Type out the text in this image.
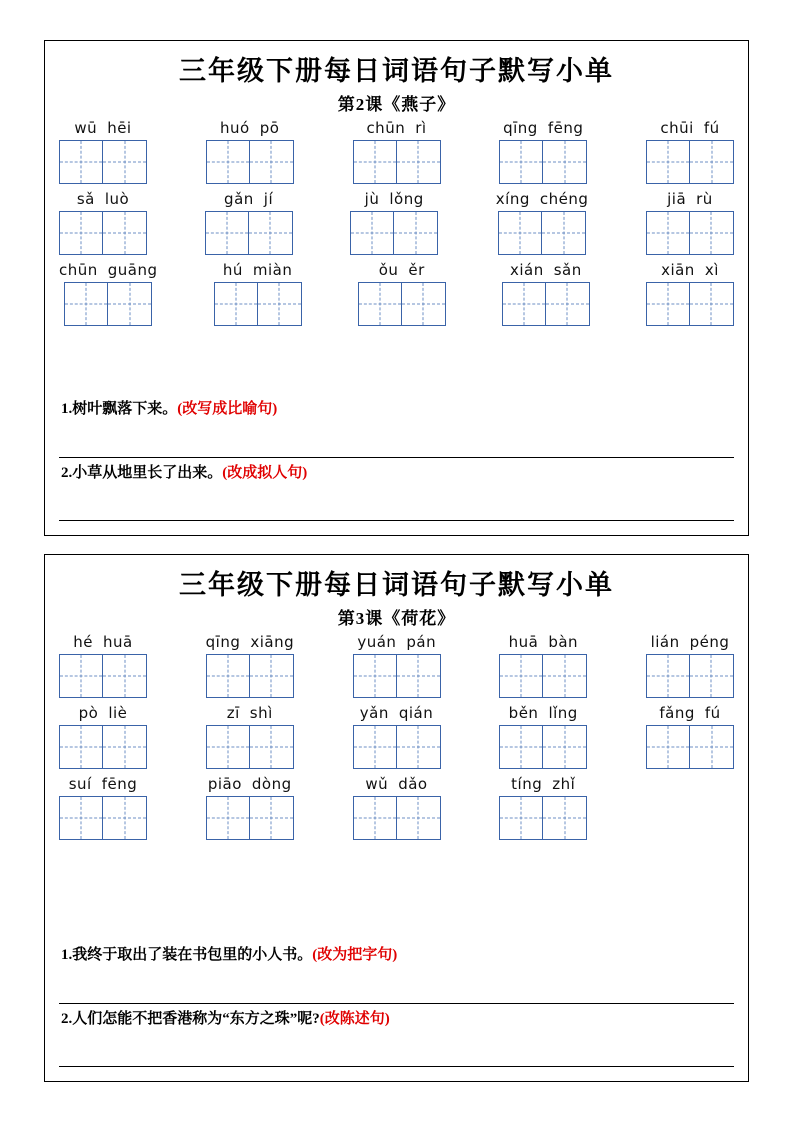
三年级下册每日词语句子默写小单
第2课《燕子》
wū hēi	huó pō	chūn rì	qīng fēng	chūi fú
sǎ luò	gǎn jí	jù lǒng	xíng chéng	jiā rù
chūn guāng	hú miàn	ǒu ěr	xián sǎn	xiān xì
1.树叶飘落下来。(改写成比喻句)
2.小草从地里长了出来。(改成拟人句)
三年级下册每日词语句子默写小单
第3课《荷花》
hé huā	qīng xiāng	yuán pán	huā bàn	lián péng
pò liè	zī shì	yǎn qián	běn lǐng	fǎng fú
suí fēng	piāo dòng	wǔ dǎo	tíng zhǐ
1.我终于取出了装在书包里的小人书。(改为把字句)
2.人们怎能不把香港称为“东方之珠”呢?(改陈述句)
